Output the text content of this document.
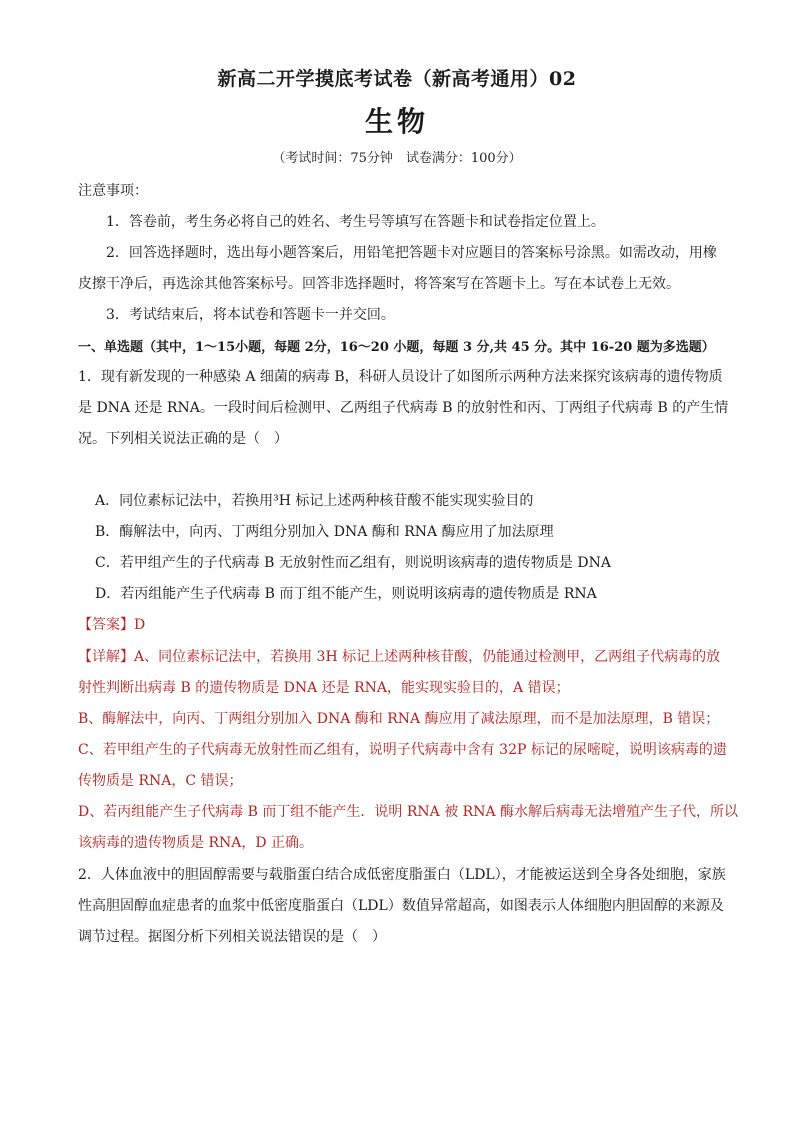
新高二开学摸底考试卷（新高考通用）02
生物
（考试时间：75分钟　试卷满分：100分）
注意事项：
1．答卷前，考生务必将自己的姓名、考生号等填写在答题卡和试卷指定位置上。
2．回答选择题时，选出每小题答案后，用铅笔把答题卡对应题目的答案标号涂黑。如需改动，用橡
皮擦干净后，再选涂其他答案标号。回答非选择题时，将答案写在答题卡上。写在本试卷上无效。
3．考试结束后，将本试卷和答题卡一并交回。
一、单选题（其中，1～15小题，每题 2分，16～20 小题，每题 3 分,共 45 分。其中 16-20 题为多选题）
1．现有新发现的一种感染 A 细菌的病毒 B，科研人员设计了如图所示两种方法来探究该病毒的遗传物质
是 DNA 还是 RNA。一段时间后检测甲、乙两组子代病毒 B 的放射性和丙、丁两组子代病毒 B 的产生情
况。下列相关说法正确的是（　）
A．同位素标记法中，若换用³H 标记上述两种核苷酸不能实现实验目的
B．酶解法中，向丙、丁两组分别加入 DNA 酶和 RNA 酶应用了加法原理
C．若甲组产生的子代病毒 B 无放射性而乙组有，则说明该病毒的遗传物质是 DNA
D．若丙组能产生子代病毒 B 而丁组不能产生，则说明该病毒的遗传物质是 RNA
【答案】D
【详解】A、同位素标记法中，若换用 3H 标记上述两种核苷酸，仍能通过检测甲，乙两组子代病毒的放
射性判断出病毒 B 的遗传物质是 DNA 还是 RNA，能实现实验目的，A 错误；
B、酶解法中，向丙、丁两组分别加入 DNA 酶和 RNA 酶应用了减法原理，而不是加法原理，B 错误；
C、若甲组产生的子代病毒无放射性而乙组有，说明子代病毒中含有 32P 标记的尿嘧啶，说明该病毒的遗
传物质是 RNA，C 错误；
D、若丙组能产生子代病毒 B 而丁组不能产生．说明 RNA 被 RNA 酶水解后病毒无法增殖产生子代，所以
该病毒的遗传物质是 RNA，D 正确。
2．人体血液中的胆固醇需要与载脂蛋白结合成低密度脂蛋白（LDL），才能被运送到全身各处细胞，家族
性高胆固醇血症患者的血浆中低密度脂蛋白（LDL）数值异常超高，如图表示人体细胞内胆固醇的来源及
调节过程。据图分析下列相关说法错误的是（　）
